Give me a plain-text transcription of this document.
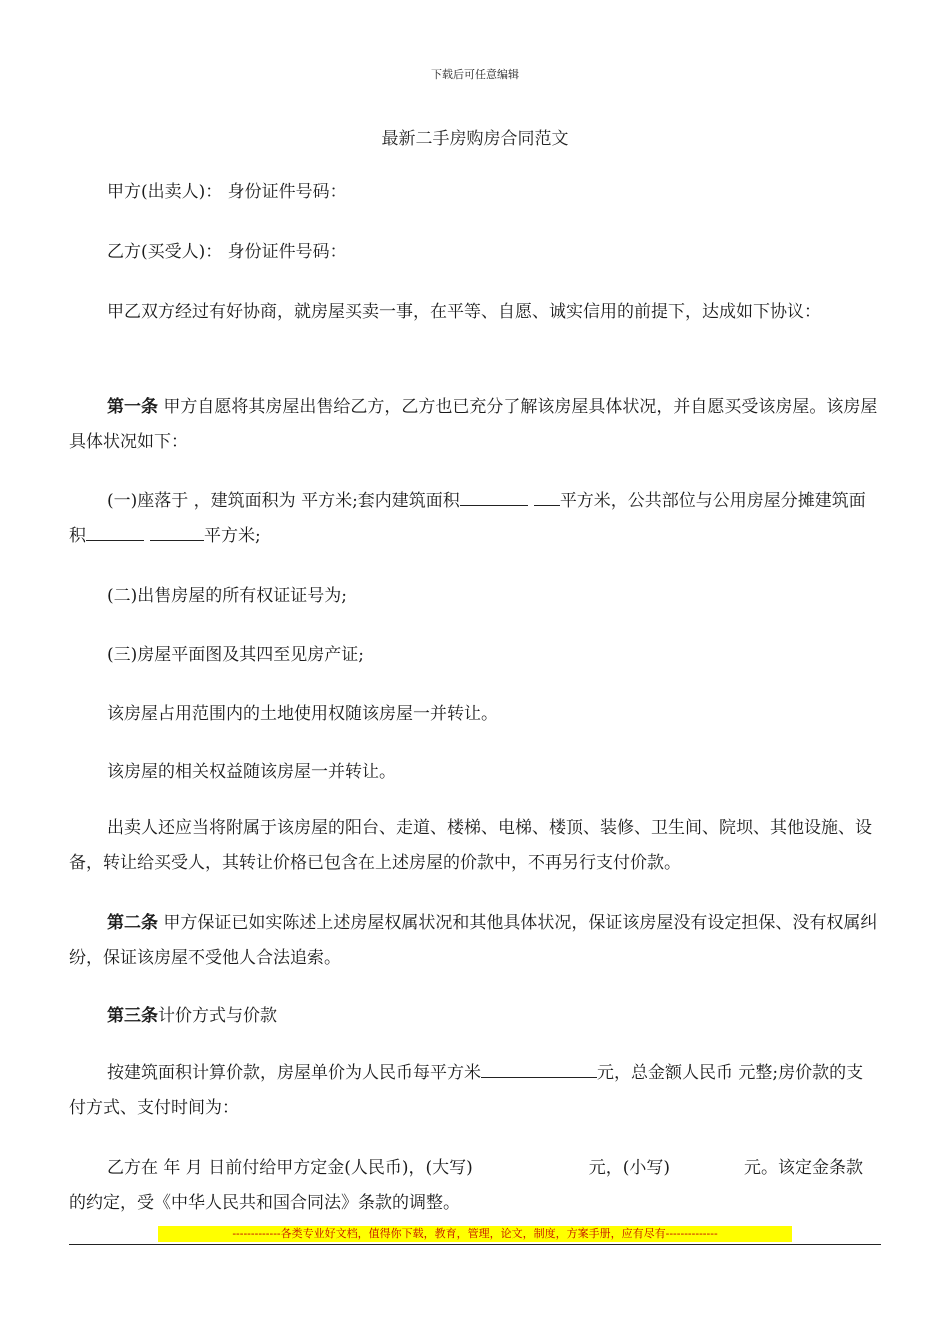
下载后可任意编辑
最新二手房购房合同范文

甲方(出卖人)： 身份证件号码：

乙方(买受人)： 身份证件号码：

甲乙双方经过有好协商，就房屋买卖一事，在平等、自愿、诚实信用的前提下，达成如下协议：

第一条 甲方自愿将其房屋出售给乙方，乙方也已充分了解该房屋具体状况，并自愿买受该房屋。该房屋具体状况如下：

(一)座落于 ，建筑面积为 平方米;套内建筑面积	平方米，公共部位与公用房屋分摊建筑面积	平方米;

(二)出售房屋的所有权证证号为;

(三)房屋平面图及其四至见房产证;

该房屋占用范围内的土地使用权随该房屋一并转让。

该房屋的相关权益随该房屋一并转让。

出卖人还应当将附属于该房屋的阳台、走道、楼梯、电梯、楼顶、装修、卫生间、院坝、其他设施、设备，转让给买受人，其转让价格已包含在上述房屋的价款中，不再另行支付价款。

第二条 甲方保证已如实陈述上述房屋权属状况和其他具体状况，保证该房屋没有设定担保、没有权属纠纷，保证该房屋不受他人合法追索。

第三条计价方式与价款

按建筑面积计算价款，房屋单价为人民币每平方米	元，总金额人民币 元整;房价款的支付方式、支付时间为：

乙方在 年 月 日前付给甲方定金(人民币)，(大写)	元，(小写)	元。该定金条款的约定，受《中华人民共和国合同法》条款的调整。

-------------各类专业好文档，值得你下载，教育，管理，论文，制度，方案手册，应有尽有--------------
